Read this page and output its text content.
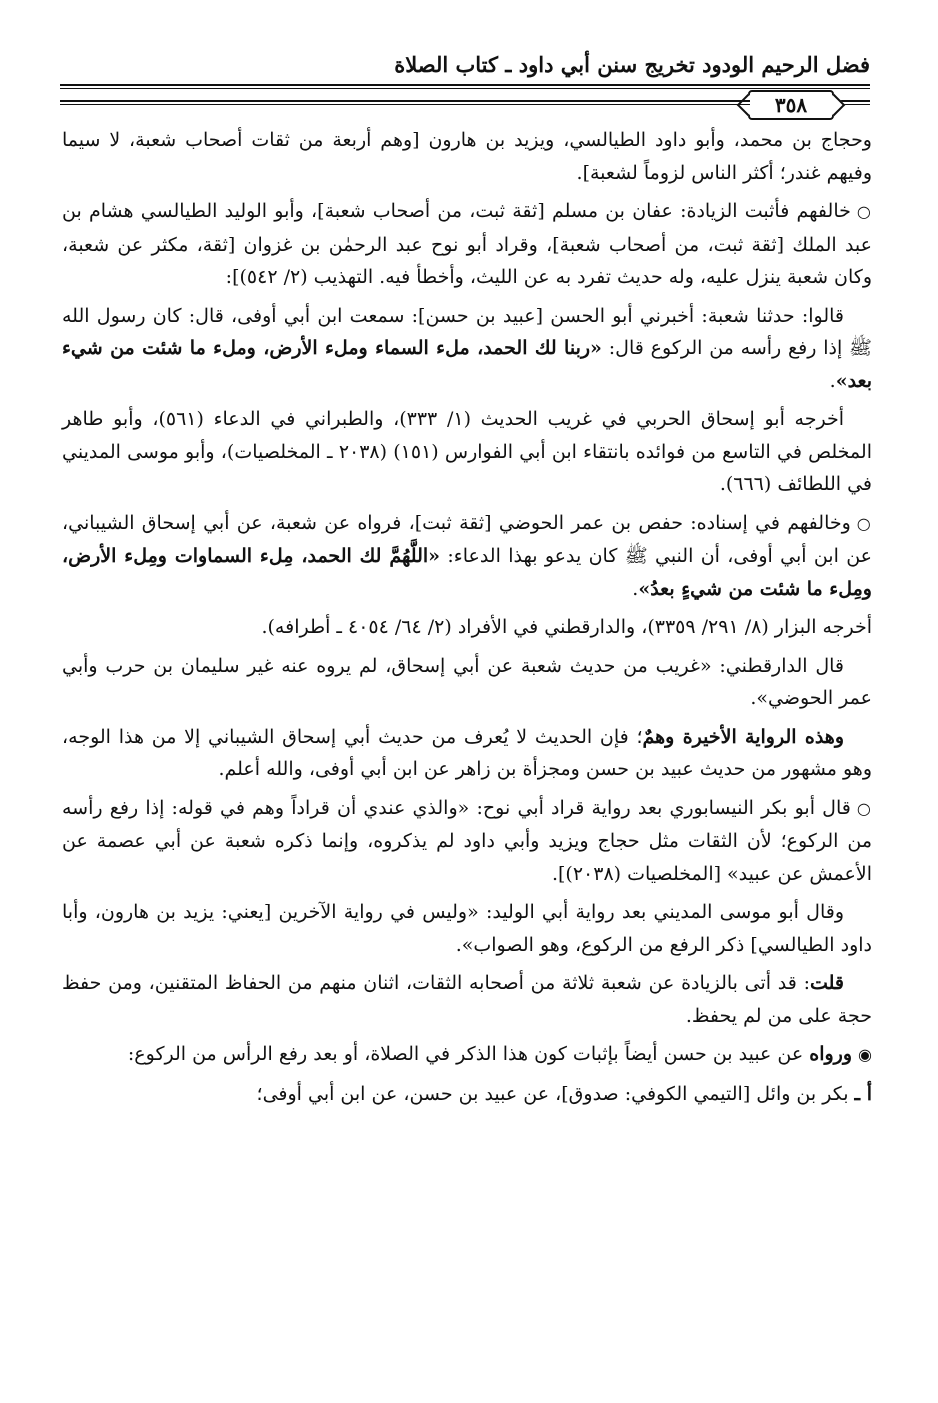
فضل الرحيم الودود تخريج سنن أبي داود ـ كتاب الصلاة
٣٥٨

وحجاج بن محمد، وأبو داود الطيالسي، ويزيد بن هارون [وهم أربعة من ثقات أصحاب شعبة، لا سيما وفيهم غندر؛ أكثر الناس لزوماً لشعبة].

○خالفهم فأثبت الزيادة: عفان بن مسلم [ثقة ثبت، من أصحاب شعبة]، وأبو الوليد الطيالسي هشام بن عبد الملك [ثقة ثبت، من أصحاب شعبة]، وقراد أبو نوح عبد الرحمٰن بن غزوان [ثقة، مكثر عن شعبة، وكان شعبة ينزل عليه، وله حديث تفرد به عن الليث، وأخطأ فيه. التهذيب (٢/ ٥٤٢)]:

قالوا: حدثنا شعبة: أخبرني أبو الحسن [عبيد بن حسن]: سمعت ابن أبي أوفى، قال: كان رسول الله ﷺ إذا رفع رأسه من الركوع قال: «ربنا لك الحمد، ملء السماء وملء الأرض، وملء ما شئت من شيء بعد».

أخرجه أبو إسحاق الحربي في غريب الحديث (١/ ٣٣٣)، والطبراني في الدعاء (٥٦١)، وأبو طاهر المخلص في التاسع من فوائده بانتقاء ابن أبي الفوارس (١٥١) (٢٠٣٨ ـ المخلصيات)، وأبو موسى المديني في اللطائف (٦٦٦).

○وخالفهم في إسناده: حفص بن عمر الحوضي [ثقة ثبت]، فرواه عن شعبة، عن أبي إسحاق الشيباني، عن ابن أبي أوفى، أن النبي ﷺ كان يدعو بهذا الدعاء: «اللَّهُمَّ لك الحمد، مِلء السماوات ومِلء الأرض، ومِلء ما شئت من شيءٍ بعدُ».

أخرجه البزار (٨/ ٢٩١/ ٣٣٥٩)، والدارقطني في الأفراد (٢/ ٦٤/ ٤٠٥٤ ـ أطرافه).

قال الدارقطني: «غريب من حديث شعبة عن أبي إسحاق، لم يروه عنه غير سليمان بن حرب وأبي عمر الحوضي».

وهذه الرواية الأخيرة وهمٌ؛ فإن الحديث لا يُعرف من حديث أبي إسحاق الشيباني إلا من هذا الوجه، وهو مشهور من حديث عبيد بن حسن ومجزأة بن زاهر عن ابن أبي أوفى، والله أعلم.

○قال أبو بكر النيسابوري بعد رواية قراد أبي نوح: «والذي عندي أن قراداً وهم في قوله: إذا رفع رأسه من الركوع؛ لأن الثقات مثل حجاج ويزيد وأبي داود لم يذكروه، وإنما ذكره شعبة عن أبي عصمة عن الأعمش عن عبيد» [المخلصيات (٢٠٣٨)].

وقال أبو موسى المديني بعد رواية أبي الوليد: «وليس في رواية الآخرين [يعني: يزيد بن هارون، وأبا داود الطيالسي] ذكر الرفع من الركوع، وهو الصواب».

قلت: قد أتى بالزيادة عن شعبة ثلاثة من أصحابه الثقات، اثنان منهم من الحفاظ المتقنين، ومن حفظ حجة على من لم يحفظ.

◉ورواه عن عبيد بن حسن أيضاً بإثبات كون هذا الذكر في الصلاة، أو بعد رفع الرأس من الركوع:

أ ـ بكر بن وائل [التيمي الكوفي: صدوق]، عن عبيد بن حسن، عن ابن أبي أوفى؛
